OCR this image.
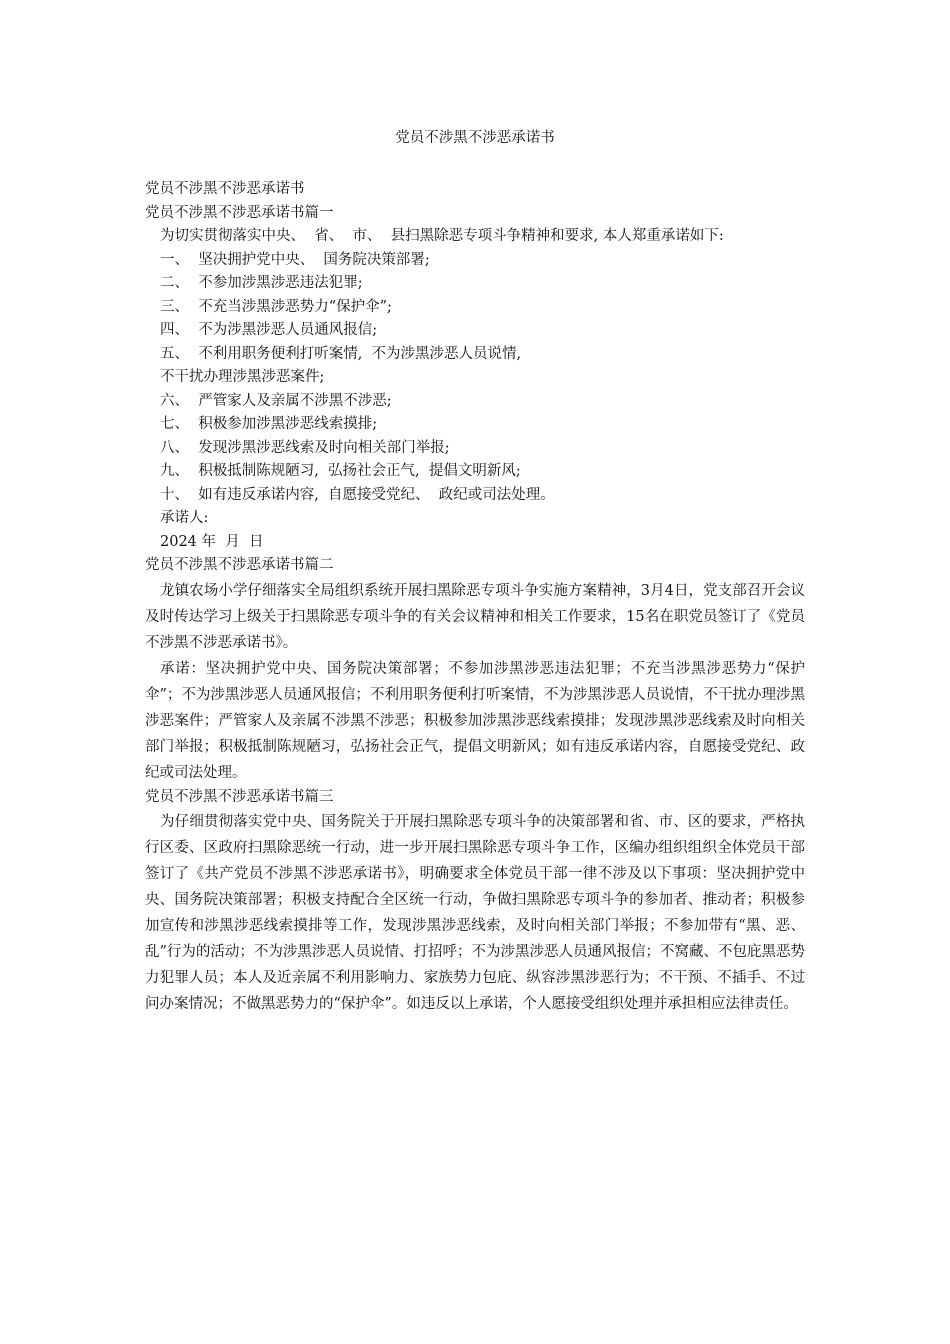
党员不涉黑不涉恶承诺书
党员不涉黑不涉恶承诺书
党员不涉黑不涉恶承诺书篇一
为切实贯彻落实中央、  省、  市、  县扫黑除恶专项斗争精神和要求, 本人郑重承诺如下:
一、  坚决拥护党中央、  国务院决策部署;
二、  不参加涉黑涉恶违法犯罪;
三、  不充当涉黑涉恶势力“保护伞”;
四、  不为涉黑涉恶人员通风报信;
五、  不利用职务便利打听案情,  不为涉黑涉恶人员说情,
不干扰办理涉黑涉恶案件;
六、  严管家人及亲属不涉黑不涉恶;
七、  积极参加涉黑涉恶线索摸排;
八、  发现涉黑涉恶线索及时向相关部门举报;
九、  积极抵制陈规陋习,  弘扬社会正气,  提倡文明新风;
十、  如有违反承诺内容,  自愿接受党纪、  政纪或司法处理。
承诺人:
2024 年  月  日
党员不涉黑不涉恶承诺书篇二

龙镇农场小学仔细落实全局组织系统开展扫黑除恶专项斗争实施方案精神，3月4日，党支部召开会议及时传达学习上级关于扫黑除恶专项斗争的有关会议精神和相关工作要求，15名在职党员签订了《党员不涉黑不涉恶承诺书》。

承诺：坚决拥护党中央、国务院决策部署；不参加涉黑涉恶违法犯罪；不充当涉黑涉恶势力“保护伞”；不为涉黑涉恶人员通风报信；不利用职务便利打听案情，不为涉黑涉恶人员说情，不干扰办理涉黑涉恶案件；严管家人及亲属不涉黑不涉恶；积极参加涉黑涉恶线索摸排；发现涉黑涉恶线索及时向相关部门举报；积极抵制陈规陋习，弘扬社会正气，提倡文明新风；如有违反承诺内容，自愿接受党纪、政纪或司法处理。

党员不涉黑不涉恶承诺书篇三

为仔细贯彻落实党中央、国务院关于开展扫黑除恶专项斗争的决策部署和省、市、区的要求，严格执行区委、区政府扫黑除恶统一行动，进一步开展扫黑除恶专项斗争工作，区编办组织组织全体党员干部签订了《共产党员不涉黑不涉恶承诺书》，明确要求全体党员干部一律不涉及以下事项：坚决拥护党中央、国务院决策部署；积极支持配合全区统一行动，争做扫黑除恶专项斗争的参加者、推动者；积极参加宣传和涉黑涉恶线索摸排等工作，发现涉黑涉恶线索，及时向相关部门举报；不参加带有“黑、恶、乱”行为的活动；不为涉黑涉恶人员说情、打招呼；不为涉黑涉恶人员通风报信；不窝藏、不包庇黑恶势力犯罪人员；本人及近亲属不利用影响力、家族势力包庇、纵容涉黑涉恶行为；不干预、不插手、不过问办案情况；不做黑恶势力的“保护伞”。如违反以上承诺，个人愿接受组织处理并承担相应法律责任。
